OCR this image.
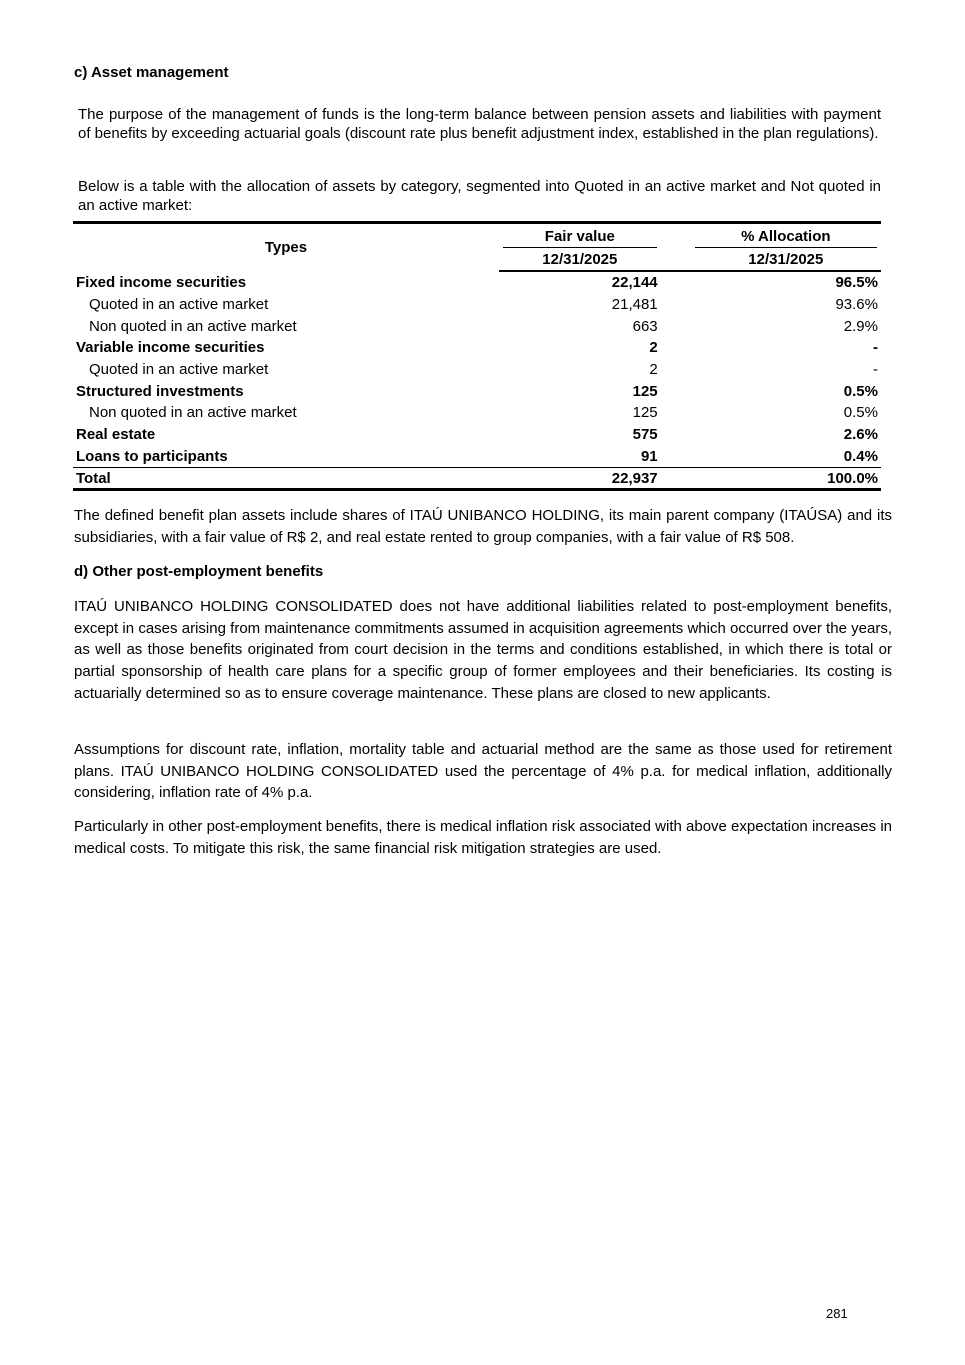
c) Asset management

The purpose of the management of funds is the long-term balance between pension assets and liabilities with payment of benefits by exceeding actuarial goals (discount rate plus benefit adjustment index, established in the plan regulations).

Below is a table with the allocation of assets by category, segmented into Quoted in an active market and Not quoted in an active market:

Types	Fair value		% Allocation

	12/31/2025		12/31/2025
Fixed income securities	22,144		96.5%
Quoted in an active market	21,481		93.6%
Non quoted in an active market	663		2.9%
Variable income securities	2		-
Quoted in an active market	2		-
Structured investments	125		0.5%
Non quoted in an active market	125		0.5%
Real estate	575		2.6%
Loans to participants	91		0.4%
Total	22,937		100.0%

The defined benefit plan assets include shares of ITAÚ UNIBANCO HOLDING, its main parent company (ITAÚSA) and its subsidiaries, with a fair value of R$ 2, and real estate rented to group companies, with a fair value of R$ 508.

d) Other post-employment benefits

ITAÚ UNIBANCO HOLDING CONSOLIDATED does not have additional liabilities related to post-employment benefits, except in cases arising from maintenance commitments assumed in acquisition agreements which occurred over the years, as well as those benefits originated from court decision in the terms and conditions established, in which there is total or partial sponsorship of health care plans for a specific group of former employees and their beneficiaries. Its costing is actuarially determined so as to ensure coverage maintenance. These plans are closed to new applicants.

Assumptions for discount rate, inflation, mortality table and actuarial method are the same as those used for retirement plans. ITAÚ UNIBANCO HOLDING CONSOLIDATED used the percentage of 4% p.a. for medical inflation, additionally considering, inflation rate of 4% p.a.

Particularly in other post-employment benefits, there is medical inflation risk associated with above expectation increases in medical costs. To mitigate this risk, the same financial risk mitigation strategies are used.

281
